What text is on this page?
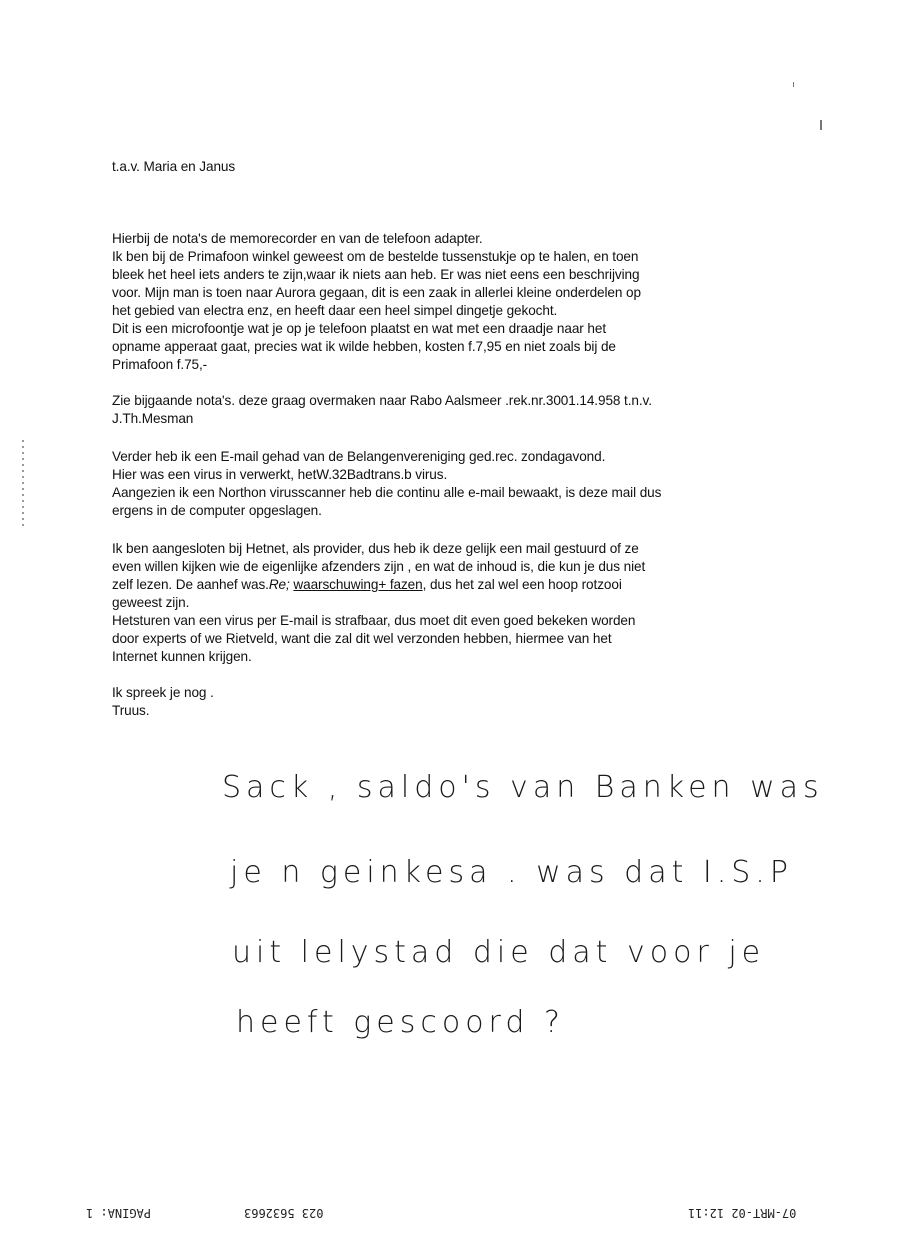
t.a.v. Maria en Janus
Hierbij de nota's de memorecorder en van de telefoon adapter.
Ik ben bij de Primafoon winkel geweest om de bestelde tussenstukje op te halen, en toen
bleek het heel iets anders te zijn,waar ik niets aan heb. Er was niet eens een beschrijving
voor. Mijn man is toen naar Aurora gegaan, dit is een zaak in allerlei kleine onderdelen op
het gebied van electra enz, en heeft daar een heel simpel dingetje gekocht.
Dit is een microfoontje wat je op je telefoon plaatst en wat met een draadje naar het
opname apperaat gaat, precies wat ik wilde hebben, kosten f.7,95 en niet zoals bij de
Primafoon f.75,-
Zie bijgaande nota's. deze graag overmaken naar Rabo Aalsmeer .rek.nr.3001.14.958 t.n.v.
J.Th.Mesman
Verder heb ik een E-mail gehad van de Belangenvereniging ged.rec. zondagavond.
Hier was een virus in verwerkt, hetW.32Badtrans.b virus.
Aangezien ik een Northon virusscanner heb die continu alle e-mail bewaakt, is deze mail dus
ergens in de computer opgeslagen.
Ik ben aangesloten bij Hetnet, als provider, dus heb ik deze gelijk een mail gestuurd of ze
even willen kijken wie de eigenlijke afzenders zijn , en wat de inhoud is, die kun je dus niet
zelf lezen. De aanhef was.Re; waarschuwing+ fazen, dus het zal wel een hoop rotzooi
geweest zijn.
Hetsturen van een virus per E-mail is strafbaar, dus moet dit even goed bekeken worden
door experts of we Rietveld, want die zal dit wel verzonden hebben, hiermee van het
Internet kunnen krijgen.
Ik spreek je nog .
Truus.
Sack , saldo's van Banken was
je n geinkesa . was dat I.S.P
uit lelystad die dat voor je
heeft gescoord ?
PAGINA: 1	023 5632663	07-MRT-02 12:11
